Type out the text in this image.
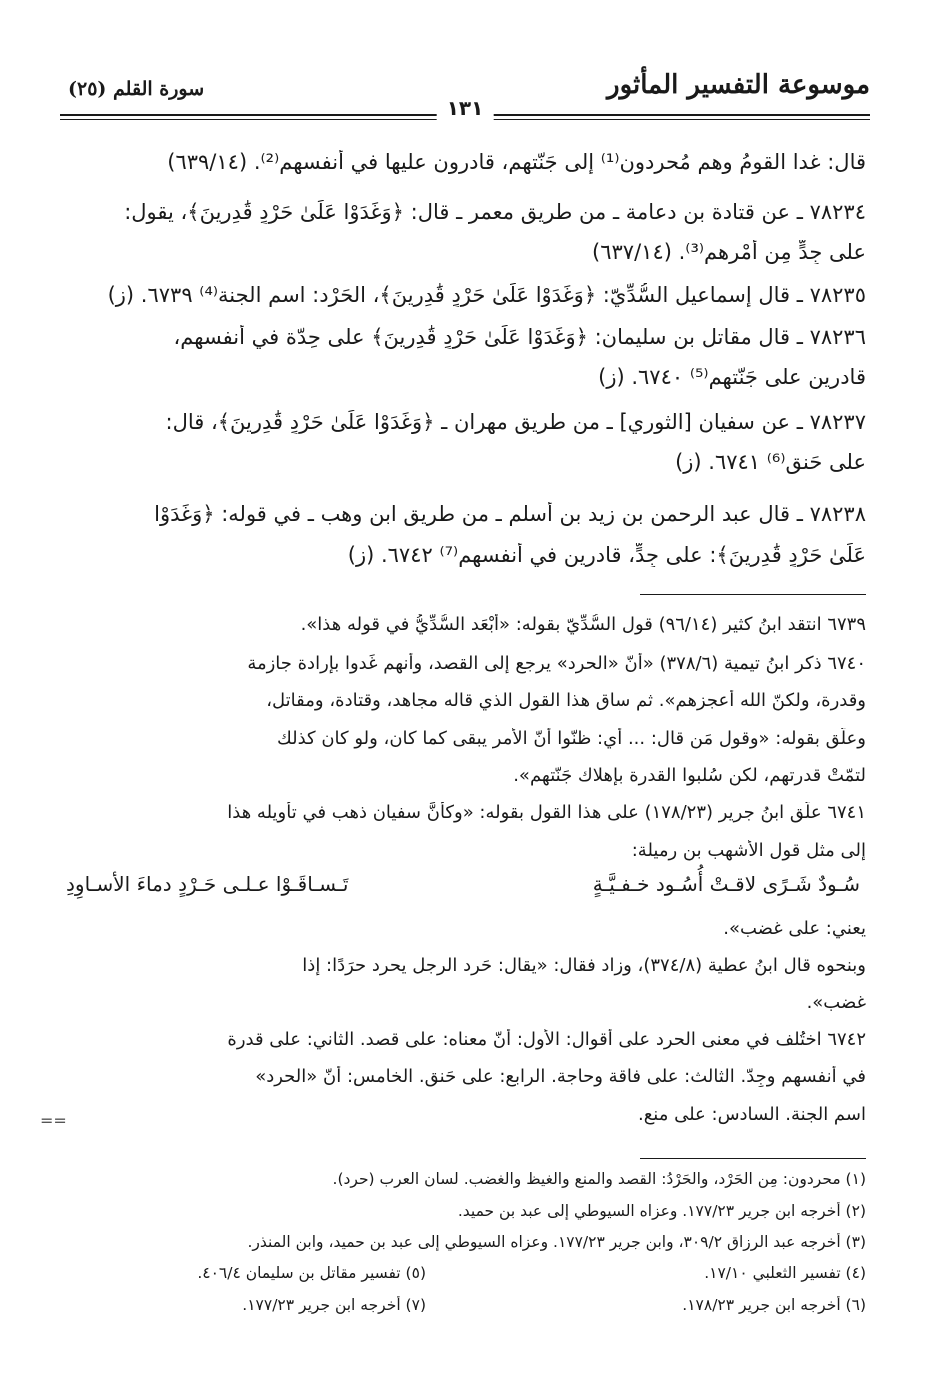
موسوعة التفسير المأثور
سورة القلم (٢٥)
١٣١
قال: غدا القومُ وهم مُحرِدون⁽¹⁾ إلى جَنّتهم، قادرون عليها في أنفسهم⁽²⁾. (٦٣٩/١٤)
٧٨٢٣٤ ـ عن قتادة بن دعامة ـ من طريق معمر ـ قال: ﴿وَغَدَوْا عَلَىٰ حَرْدٍ قَٰدِرِينَ﴾، يقول:
على جِدٍّ مِن أمْرِهم⁽³⁾. (٦٣٧/١٤)
٧٨٢٣٥ ـ قال إسماعيل السُّدِّيّ: ﴿وَغَدَوْا عَلَىٰ حَرْدٍ قَٰدِرِينَ﴾، الحَرْد: اسم الجنة⁽⁴⁾ ٦٧٣٩. (ز)
٧٨٢٣٦ ـ قال مقاتل بن سليمان: ﴿وَغَدَوْا عَلَىٰ حَرْدٍ قَٰدِرِينَ﴾ على حِدّة في أنفسهم،
قادرين على جَنّتهم⁽⁵⁾ ٦٧٤٠. (ز)
٧٨٢٣٧ ـ عن سفيان [الثوري] ـ من طريق مهران ـ ﴿وَغَدَوْا عَلَىٰ حَرْدٍ قَٰدِرِينَ﴾، قال:
على حَنق⁽⁶⁾ ٦٧٤١. (ز)
٧٨٢٣٨ ـ قال عبد الرحمن بن زيد بن أسلم ـ من طريق ابن وهب ـ في قوله: ﴿وَغَدَوْا
عَلَىٰ حَرْدٍ قَٰدِرِينَ﴾: على جِدٍّ، قادرين في أنفسهم⁽⁷⁾ ٦٧٤٢. (ز)
٦٧٣٩ انتقد ابنُ كثير (٩٦/١٤) قول السُّدِّيّ بقوله: «أبْعَد السُّدِّيُّ في قوله هذا».
٦٧٤٠ ذكر ابنُ تيمية (٣٧٨/٦) «أنّ «الحرد» يرجع إلى القصد، وأنهم غَدوا بإرادة جازمة
وقدرة، ولكنّ الله أعجزهم». ثم ساق هذا القول الذي قاله مجاهد، وقتادة، ومقاتل،
وعلَّق بقوله: «وقول مَن قال: ... أي: ظنّوا أنّ الأمر يبقى كما كان، ولو كان كذلك
لتمّتْ قدرتهم، لكن سُلبوا القدرة بإهلاك جَنّتهم».
٦٧٤١ علَّق ابنُ جرير (١٧٨/٢٣) على هذا القول بقوله: «وكأنَّ سفيان ذهب في تأويله هذا
إلى مثل قول الأشهب بن رميلة:
سُـودٌ شَـرًى لاقـتْ أُسُـود خـفـيَّـةٍ
تَـسـاقَـوْا عـلـى حَـرْدٍ دماءَ الأسـاوِدِ
يعني: على غضب».
وبنحوه قال ابنُ عطية (٣٧٤/٨)، وزاد فقال: «يقال: حَرِد الرجل يحرد حرَدًا: إذا
غضب».
٦٧٤٢ اختُلف في معنى الحرد على أقوال: الأول: أنّ معناه: على قصد. الثاني: على قدرة
في أنفسهم وجِدّ. الثالث: على فاقة وحاجة. الرابع: على حَنق. الخامس: أنّ «الحرد»
اسم الجنة. السادس: على منع.
==
(١) محردون: مِن الحَرْد، والحَرْدُ: القصد والمنع والغيظ والغضب. لسان العرب (حرد).
(٢) أخرجه ابن جرير ١٧٧/٢٣. وعزاه السيوطي إلى عبد بن حميد.
(٣) أخرجه عبد الرزاق ٣٠٩/٢، وابن جرير ١٧٧/٢٣. وعزاه السيوطي إلى عبد بن حميد، وابن المنذر.
(٤) تفسير الثعلبي ١٧/١٠.
(٥) تفسير مقاتل بن سليمان ٤٠٦/٤.
(٦) أخرجه ابن جرير ١٧٨/٢٣.
(٧) أخرجه ابن جرير ١٧٧/٢٣.
